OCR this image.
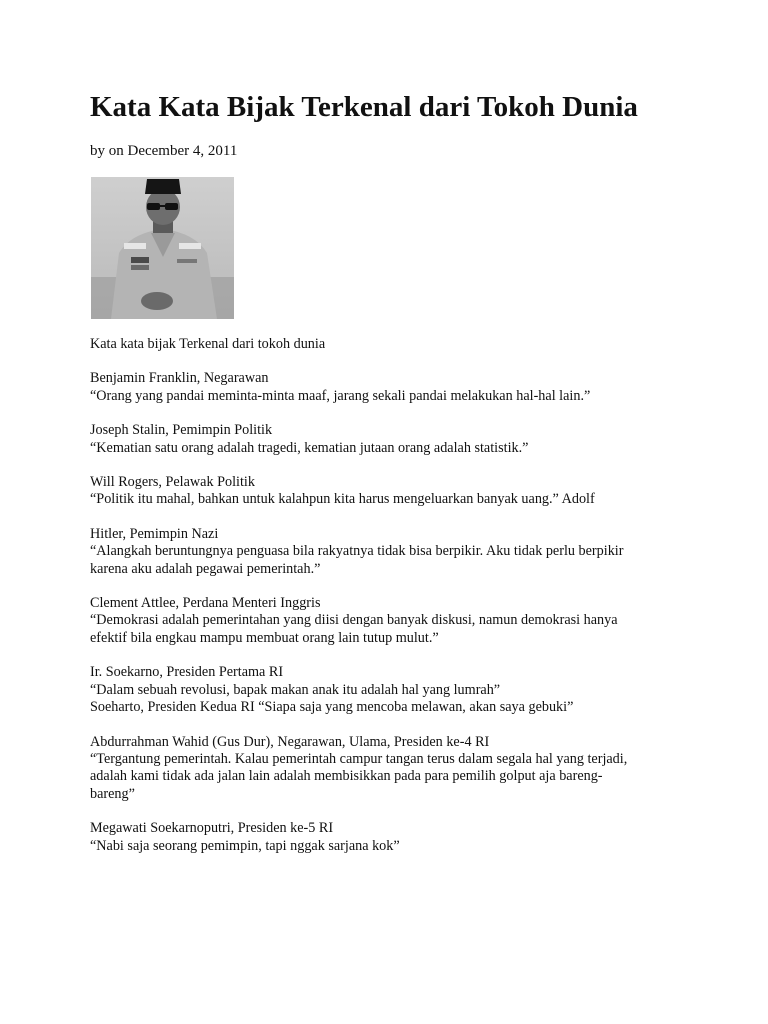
Kata Kata Bijak Terkenal dari Tokoh Dunia
by on December 4, 2011

Kata kata bijak Terkenal dari tokoh dunia

Benjamin Franklin, Negarawan
“Orang yang pandai meminta-minta maaf, jarang sekali pandai melakukan hal-hal lain.”

Joseph Stalin, Pemimpin Politik
“Kematian satu orang adalah tragedi, kematian jutaan orang adalah statistik.”

Will Rogers, Pelawak Politik
“Politik itu mahal, bahkan untuk kalahpun kita harus mengeluarkan banyak uang.” Adolf

Hitler, Pemimpin Nazi
“Alangkah beruntungnya penguasa bila rakyatnya tidak bisa berpikir. Aku tidak perlu berpikir
karena aku adalah pegawai pemerintah.”

Clement Attlee, Perdana Menteri Inggris
“Demokrasi adalah pemerintahan yang diisi dengan banyak diskusi, namun demokrasi hanya
efektif bila engkau mampu membuat orang lain tutup mulut.”

Ir. Soekarno, Presiden Pertama RI
“Dalam sebuah revolusi, bapak makan anak itu adalah hal yang lumrah”
Soeharto, Presiden Kedua RI “Siapa saja yang mencoba melawan, akan saya gebuki”

Abdurrahman Wahid (Gus Dur), Negarawan, Ulama, Presiden ke-4 RI
“Tergantung pemerintah. Kalau pemerintah campur tangan terus dalam segala hal yang terjadi,
adalah kami tidak ada jalan lain adalah membisikkan pada para pemilih golput aja bareng-
bareng”

Megawati Soekarnoputri, Presiden ke-5 RI
“Nabi saja seorang pemimpin, tapi nggak sarjana kok”
